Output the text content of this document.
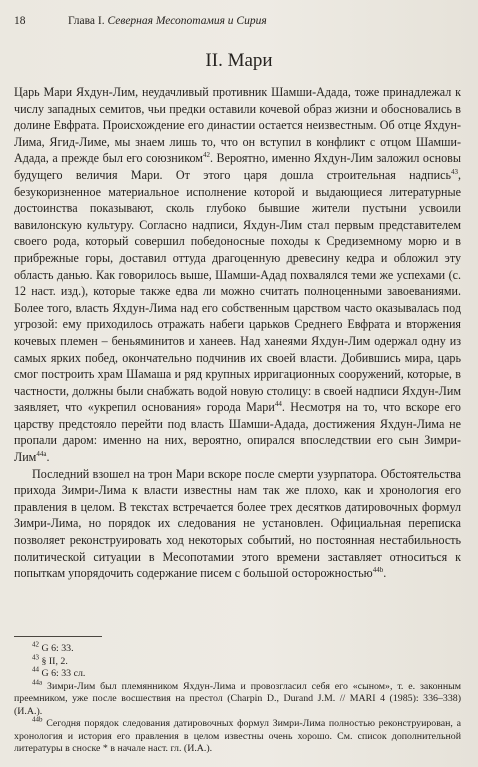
18	Глава I. Северная Месопотамия и Сирия
II. Мари

Царь Мари Яхдун-Лим, неудачливый противник Шамши-Адада, тоже принадлежал к числу западных семитов, чьи предки оставили кочевой образ жизни и обосновались в долине Евфрата. Происхождение его династии остается неизвестным. Об отце Яхдун-Лима, Ягид-Лиме, мы знаем лишь то, что он вступил в конфликт с отцом Шамши-Адада, а прежде был его союзником$^{42}$. Вероятно, именно Яхдун-Лим заложил основы будущего величия Мари. От этого царя дошла строительная надпись$^{43}$, безукоризненное материальное исполнение которой и выдающиеся литературные достоинства показывают, сколь глубоко бывшие жители пустыни усвоили вавилонскую культуру. Согласно надписи, Яхдун-Лим стал первым представителем своего рода, который совершил победоносные походы к Средиземному морю и в прибрежные горы, доставил оттуда драгоценную древесину кедра и обложил эту область данью. Как говорилось выше, Шамши-Адад похвалялся теми же успехами (с. 12 наст. изд.), которые также едва ли можно считать полноценными завоеваниями. Более того, власть Яхдун-Лима над его собственным царством часто оказывалась под угрозой: ему приходилось отражать набеги царьков Среднего Евфрата и вторжения кочевых племен – беньяминитов и ханеев. Над ханеями Яхдун-Лим одержал одну из самых ярких побед, окончательно подчинив их своей власти. Добившись мира, царь смог построить храм Шамаша и ряд крупных ирригационных сооружений, которые, в частности, должны были снабжать водой новую столицу: в своей надписи Яхдун-Лим заявляет, что «укрепил основания» города Мари$^{44}$. Несмотря на то, что вскоре его царству предстояло перейти под власть Шамши-Адада, достижения Яхдун-Лима не пропали даром: именно на них, вероятно, опирался впоследствии его сын Зимри-Лим$^{44a}$.

Последний взошел на трон Мари вскоре после смерти узурпатора. Обстоятельства прихода Зимри-Лима к власти известны нам так же плохо, как и хронология его правления в целом. В текстах встречается более трех десятков датировочных формул Зимри-Лима, но порядок их следования не установлен. Официальная переписка позволяет реконструировать ход некоторых событий, но постоянная нестабильность политической ситуации в Месопотамии этого времени заставляет относиться к попыткам упорядочить содержание писем с большой осторожностью$^{44b}$.

$^{42}$ G 6: 33.

$^{43}$ § II, 2.

$^{44}$ G 6: 33 сл.

$^{44a}$ Зимри-Лим был племянником Яхдун-Лима и провозгласил себя его «сыном», т. е. законным преемником, уже после восшествия на престол (Charpin D., Durand J.M. // MARI 4 (1985): 336–338) (И.А.).

$^{44b}$ Сегодня порядок следования датировочных формул Зимри-Лима полностью реконструирован, а хронология и история его правления в целом известны очень хорошо. См. список дополнительной литературы в сноске * в начале наст. гл. (И.А.).
